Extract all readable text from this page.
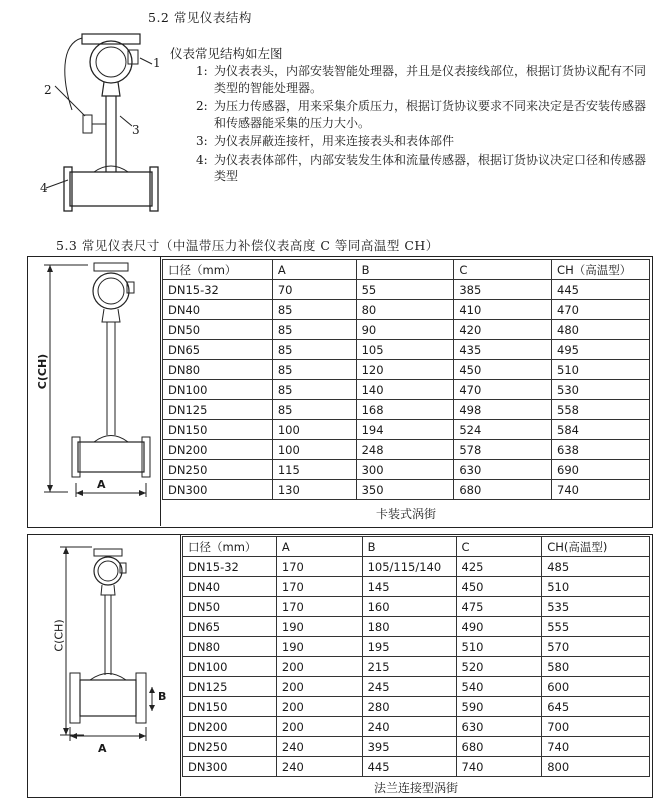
5.2 常见仪表结构
1
2
3
4
仪表常见结构如左图
1: 为仪表表头，内部安装智能处理器，并且是仪表接线部位，根据订货协议配有不同类型的智能处理器。
2: 为压力传感器，用来采集介质压力，根据订货协议要求不同来决定是否安装传感器和传感器能采集的压力大小。
3: 为仪表屏蔽连接杆，用来连接表头和表体部件
4: 为仪表表体部件，内部安装发生体和流量传感器，根据订货协议决定口径和传感器类型
5.3 常见仪表尺寸（中温带压力补偿仪表高度 C 等同高温型 CH）
C(CH)
A
口径（mm）	A	B	C	CH（高温型）
DN15-32	70	55	385	445
DN40	85	80	410	470
DN50	85	90	420	480
DN65	85	105	435	495
DN80	85	120	450	510
DN100	85	140	470	530
DN125	85	168	498	558
DN150	100	194	524	584
DN200	100	248	578	638
DN250	115	300	630	690
DN300	130	350	680	740
卡装式涡街
C(CH)
A
B
口径（mm）	A	B	C	CH(高温型)
DN15-32	170	105/115/140	425	485
DN40	170	145	450	510
DN50	170	160	475	535
DN65	190	180	490	555
DN80	190	195	510	570
DN100	200	215	520	580
DN125	200	245	540	600
DN150	200	280	590	645
DN200	200	240	630	700
DN250	240	395	680	740
DN300	240	445	740	800
法兰连接型涡街
